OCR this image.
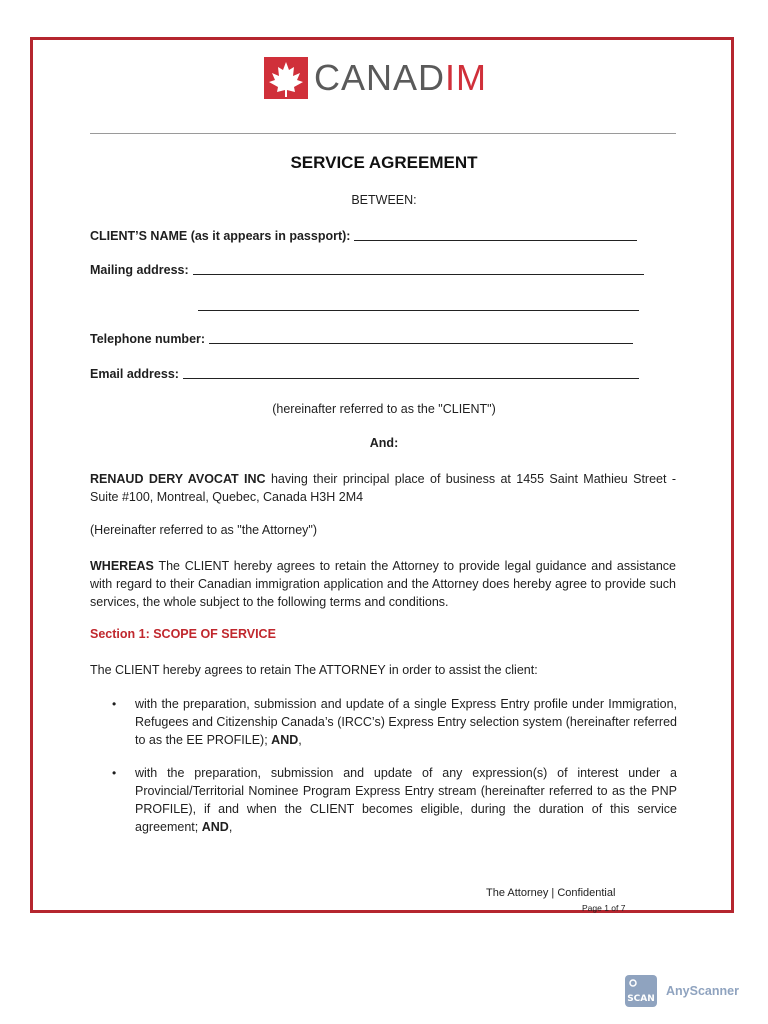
CANADIM
SERVICE AGREEMENT
BETWEEN:
CLIENT’S NAME (as it appears in passport):
Mailing address:
Telephone number:
Email address:
(hereinafter referred to as the "CLIENT")
And:
RENAUD DERY AVOCAT INC having their principal place of business at 1455 Saint Mathieu Street - Suite #100, Montreal, Quebec, Canada H3H 2M4
(Hereinafter referred to as "the Attorney")
WHEREAS The CLIENT hereby agrees to retain the Attorney to provide legal guidance and assistance with regard to their Canadian immigration application and the Attorney does hereby agree to provide such services, the whole subject to the following terms and conditions.
Section 1: SCOPE OF SERVICE
The CLIENT hereby agrees to retain The ATTORNEY in order to assist the client:
• with the preparation, submission and update of a single Express Entry profile under Immigration, Refugees and Citizenship Canada’s (IRCC’s) Express Entry selection system (hereinafter referred to as the EE PROFILE); AND,
• with the preparation, submission and update of any expression(s) of interest under a Provincial/Territorial Nominee Program Express Entry stream (hereinafter referred to as the PNP PROFILE), if and when the CLIENT becomes eligible, during the duration of this service agreement; AND,
The Attorney | Confidential
Page 1 of 7
SCAN
AnyScanner
